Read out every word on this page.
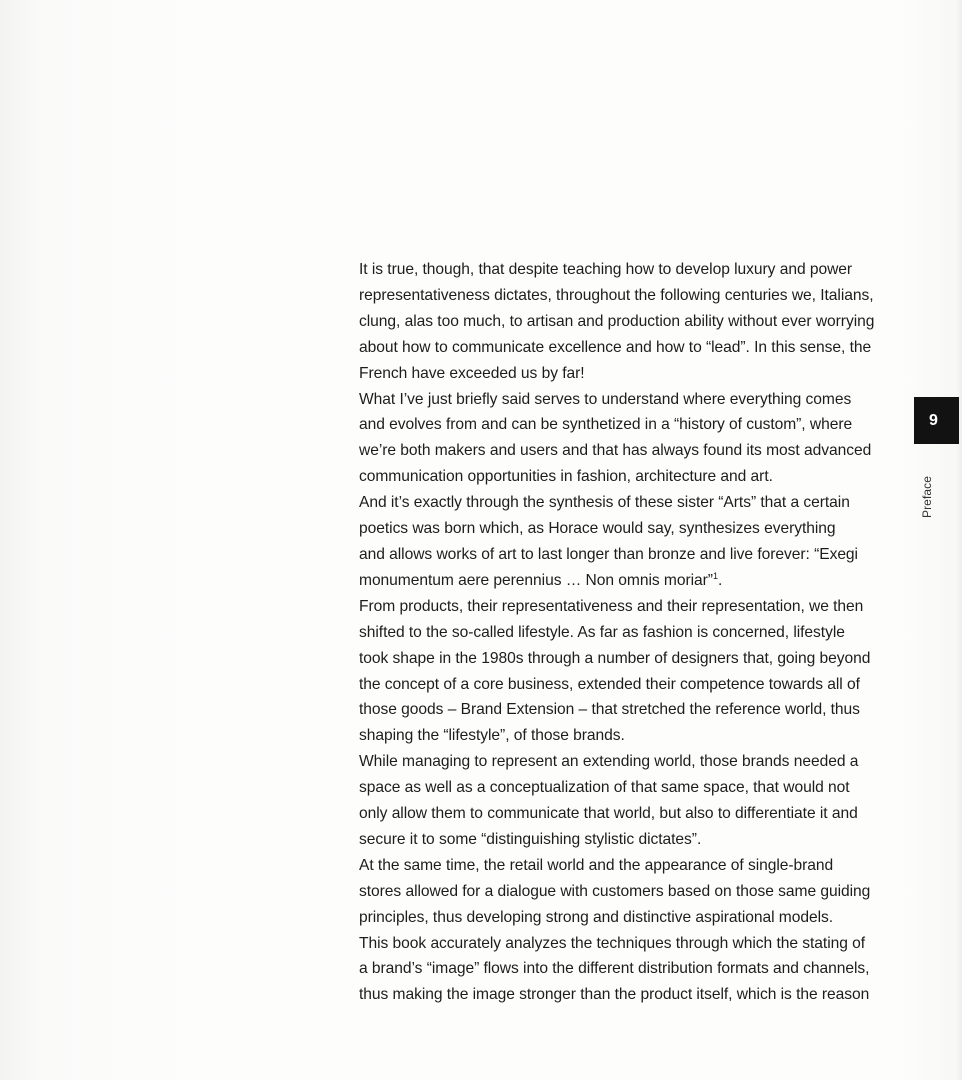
It is true, though, that despite teaching how to develop luxury and power
representativeness dictates, throughout the following centuries we, Italians,
clung, alas too much, to artisan and production ability without ever worrying
about how to communicate excellence and how to “lead”. In this sense, the
French have exceeded us by far!

What I’ve just briefly said serves to understand where everything comes
and evolves from and can be synthetized in a “history of custom”, where
we’re both makers and users and that has always found its most advanced
communication opportunities in fashion, architecture and art.

And it’s exactly through the synthesis of these sister “Arts” that a certain
poetics was born which, as Horace would say, synthesizes everything
and allows works of art to last longer than bronze and live forever: “Exegi
monumentum aere perennius … Non omnis moriar”$^1$.

From products, their representativeness and their representation, we then
shifted to the so-called lifestyle. As far as fashion is concerned, lifestyle
took shape in the 1980s through a number of designers that, going beyond
the concept of a core business, extended their competence towards all of
those goods – Brand Extension – that stretched the reference world, thus
shaping the “lifestyle”, of those brands.

While managing to represent an extending world, those brands needed a
space as well as a conceptualization of that same space, that would not
only allow them to communicate that world, but also to differentiate it and
secure it to some “distinguishing stylistic dictates”.

At the same time, the retail world and the appearance of single-brand
stores allowed for a dialogue with customers based on those same guiding
principles, thus developing strong and distinctive aspirational models.

This book accurately analyzes the techniques through which the stating of
a brand’s “image” flows into the different distribution formats and channels,
thus making the image stronger than the product itself, which is the reason

9
Preface
